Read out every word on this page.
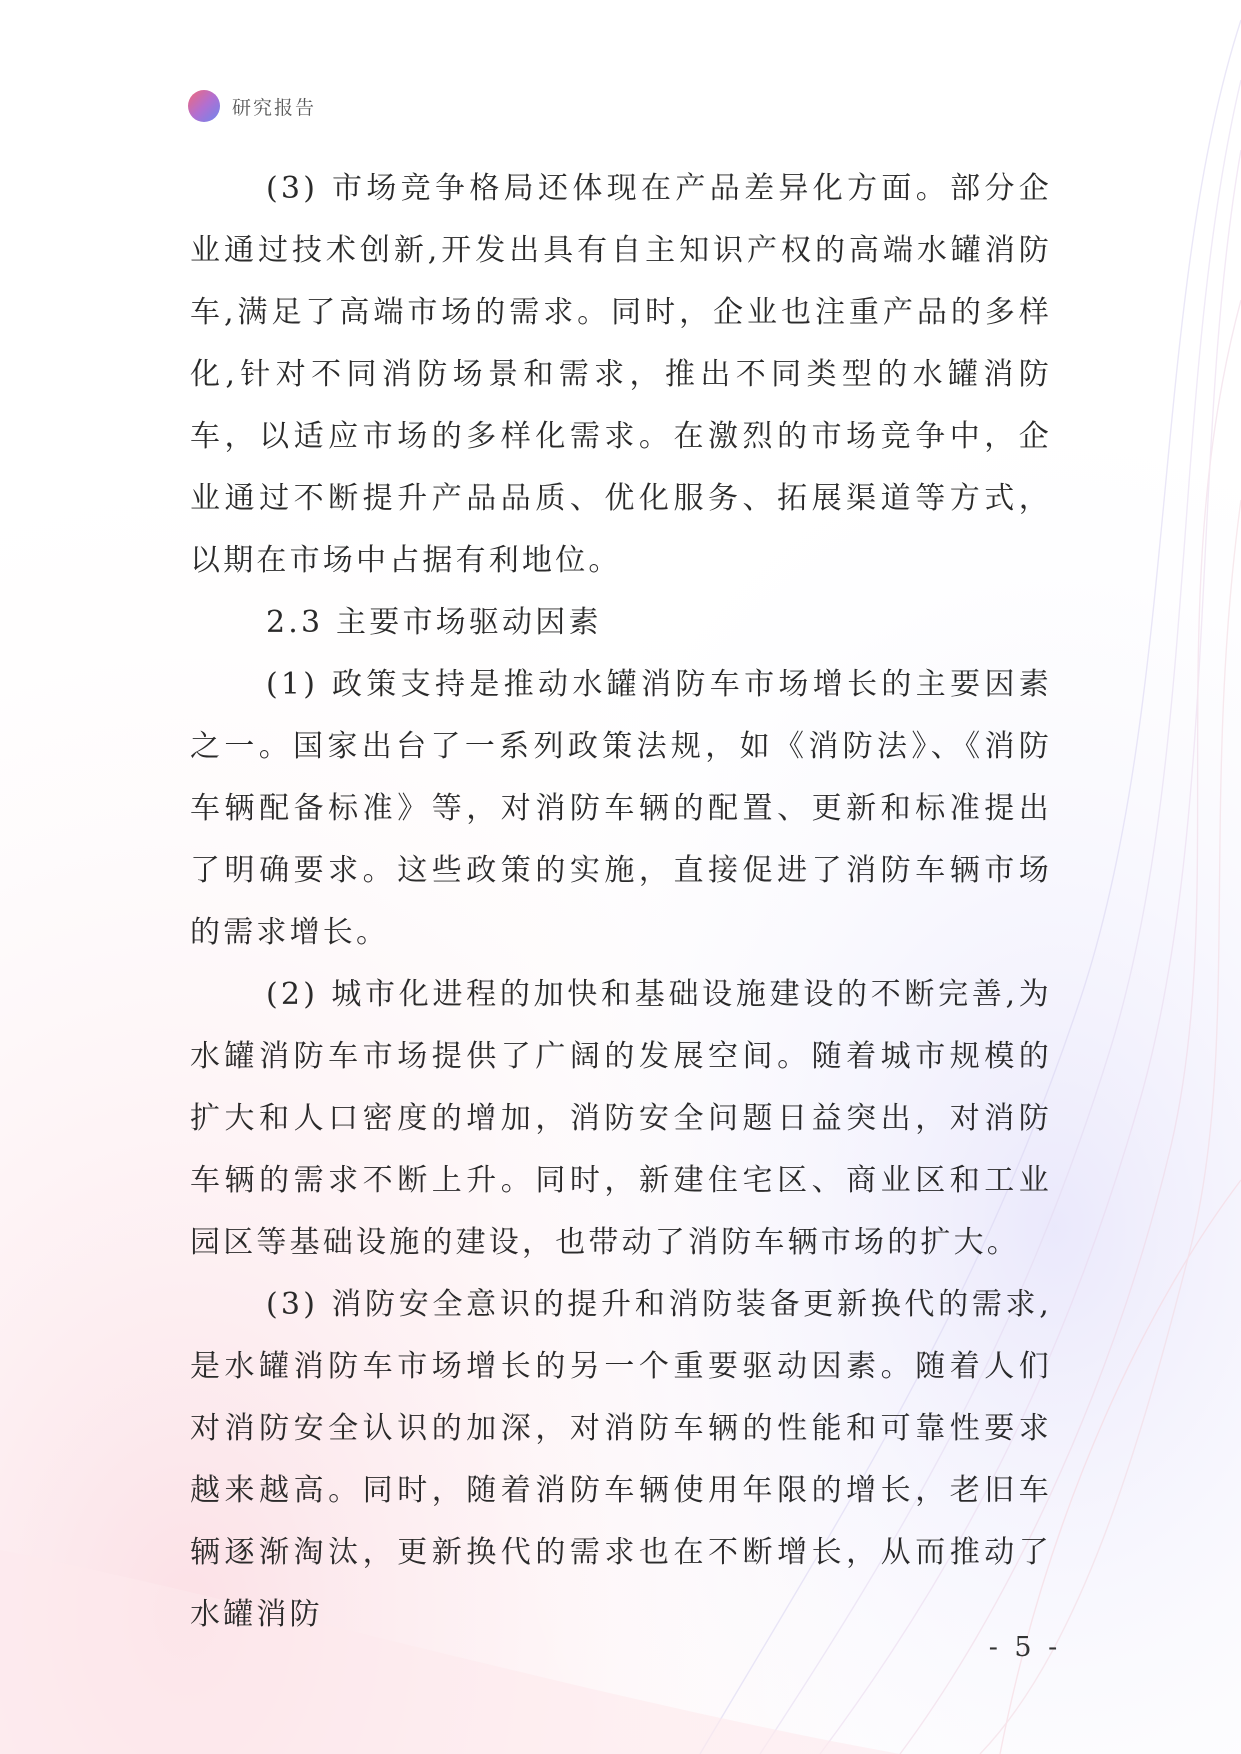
研究报告

(3) 市场竞争格局还体现在产品差异化方面。部分企业通过技术创新,开发出具有自主知识产权的高端水罐消防车,满足了高端市场的需求。同时，企业也注重产品的多样化,针对不同消防场景和需求，推出不同类型的水罐消防车，以适应市场的多样化需求。在激烈的市场竞争中，企业通过不断提升产品品质、优化服务、拓展渠道等方式，以期在市场中占据有利地位。

2.3 主要市场驱动因素

(1) 政策支持是推动水罐消防车市场增长的主要因素之一。国家出台了一系列政策法规，如《消防法》、《消防车辆配备标准》等，对消防车辆的配置、更新和标准提出了明确要求。这些政策的实施，直接促进了消防车辆市场的需求增长。

(2) 城市化进程的加快和基础设施建设的不断完善,为水罐消防车市场提供了广阔的发展空间。随着城市规模的扩大和人口密度的增加，消防安全问题日益突出，对消防车辆的需求不断上升。同时，新建住宅区、商业区和工业园区等基础设施的建设，也带动了消防车辆市场的扩大。

(3) 消防安全意识的提升和消防装备更新换代的需求,是水罐消防车市场增长的另一个重要驱动因素。随着人们对消防安全认识的加深，对消防车辆的性能和可靠性要求越来越高。同时，随着消防车辆使用年限的增长，老旧车辆逐渐淘汰，更新换代的需求也在不断增长，从而推动了水罐消防

- 5 -
